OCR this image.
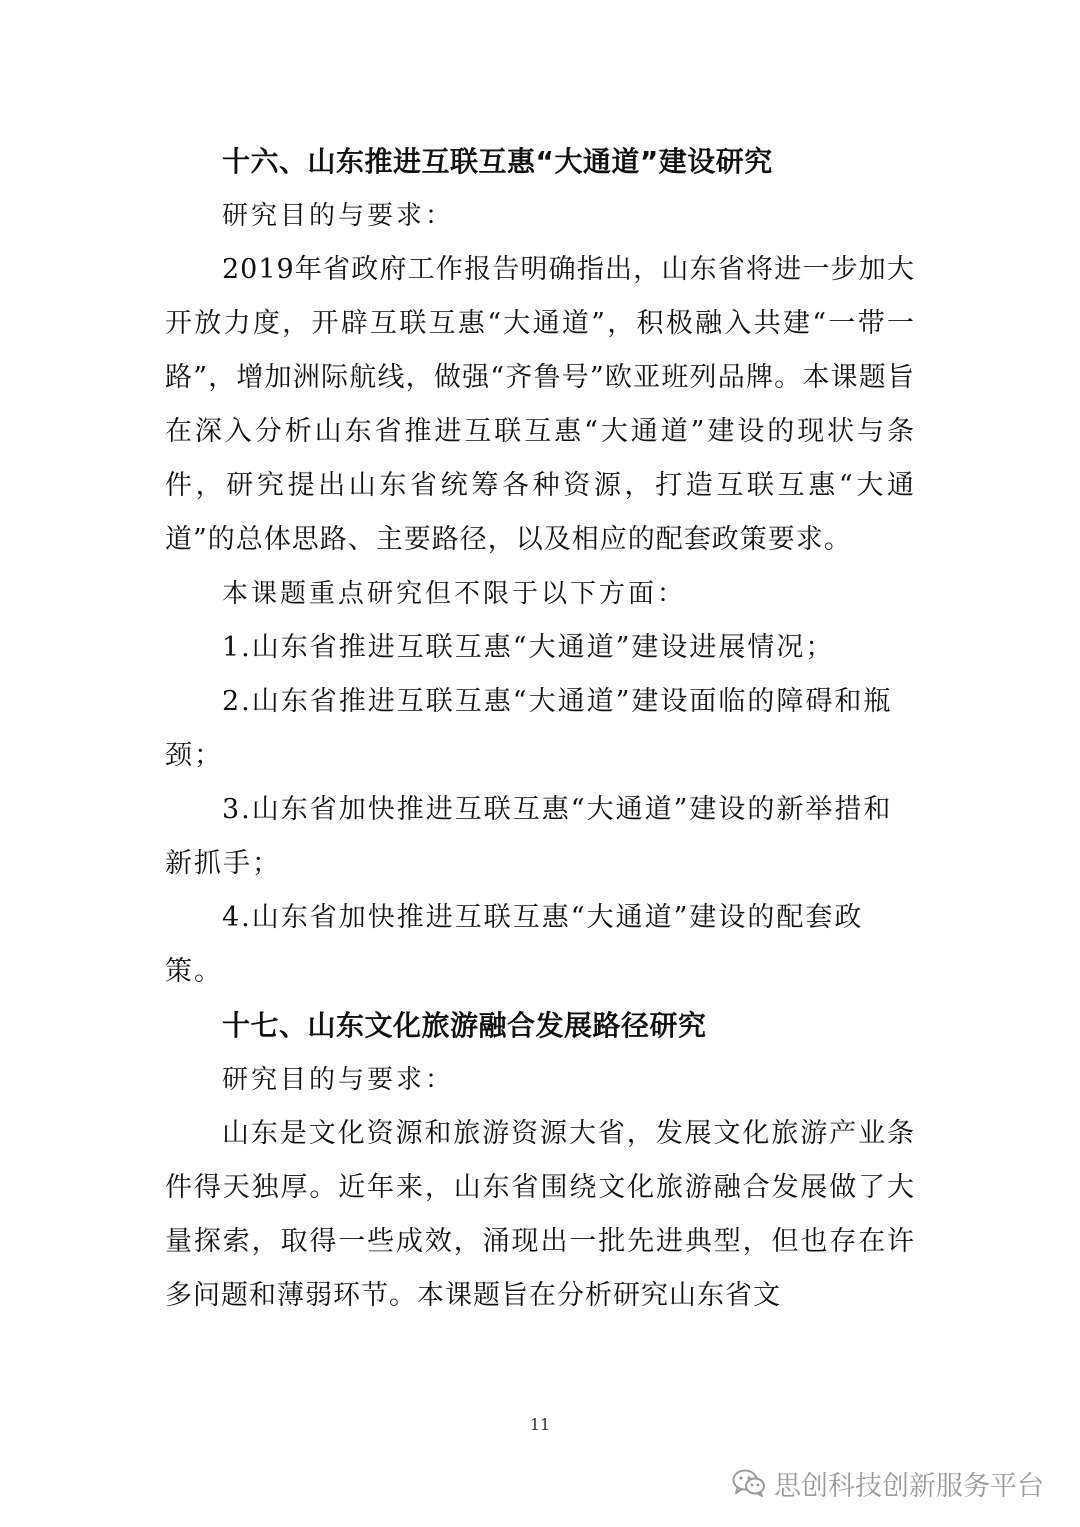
十六、山东推进互联互惠“大通道”建设研究

研究目的与要求：

2019年省政府工作报告明确指出，山东省将进一步加大开放力度，开辟互联互惠“大通道”，积极融入共建“一带一路”，增加洲际航线，做强“齐鲁号”欧亚班列品牌。本课题旨在深入分析山东省推进互联互惠“大通道”建设的现状与条件，研究提出山东省统筹各种资源，打造互联互惠“大通道”的总体思路、主要路径，以及相应的配套政策要求。

本课题重点研究但不限于以下方面：

1.山东省推进互联互惠“大通道”建设进展情况；

2.山东省推进互联互惠“大通道”建设面临的障碍和瓶颈；

3.山东省加快推进互联互惠“大通道”建设的新举措和新抓手；

4.山东省加快推进互联互惠“大通道”建设的配套政策。

十七、山东文化旅游融合发展路径研究

研究目的与要求：

山东是文化资源和旅游资源大省，发展文化旅游产业条件得天独厚。近年来，山东省围绕文化旅游融合发展做了大量探索，取得一些成效，涌现出一批先进典型，但也存在许多问题和薄弱环节。本课题旨在分析研究山东省文

11
思创科技创新服务平台
